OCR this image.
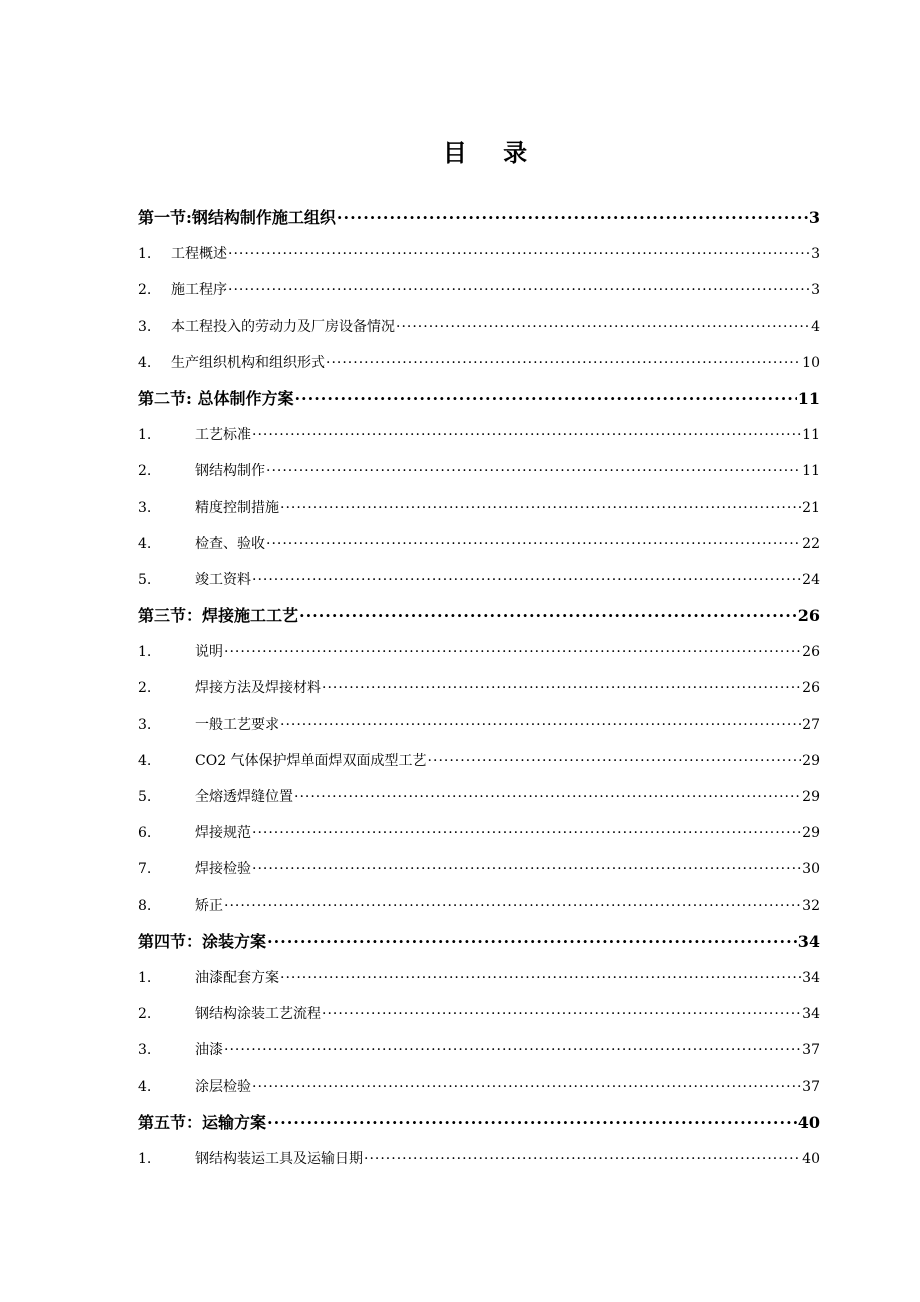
目 录
第一节:钢结构制作施工组织 ·····	3
1.	工程概述 ·····	3
2.	施工程序 ·····	3
3.	本工程投入的劳动力及厂房设备情况 ·····	4
4.	生产组织机构和组织形式 ·····	10
第二节: 总体制作方案 ·····	11
1.	工艺标准 ·····	11
2.	钢结构制作 ·····	11
3.	精度控制措施 ·····	21
4.	检查、验收 ·····	22
5.	竣工资料 ·····	24
第三节：焊接施工工艺 ·····	26
1.	说明 ·····	26
2.	焊接方法及焊接材料 ·····	26
3.	一般工艺要求 ·····	27
4.	CO2 气体保护焊单面焊双面成型工艺 ·····	29
5.	全熔透焊缝位置 ·····	29
6.	焊接规范 ·····	29
7.	焊接检验 ·····	30
8.	矫正 ·····	32
第四节：涂装方案 ·····	34
1.	油漆配套方案 ·····	34
2.	钢结构涂装工艺流程 ·····	34
3.	油漆 ·····	37
4.	涂层检验 ·····	37
第五节：运输方案 ·····	40
1.	钢结构装运工具及运输日期 ·····	40
